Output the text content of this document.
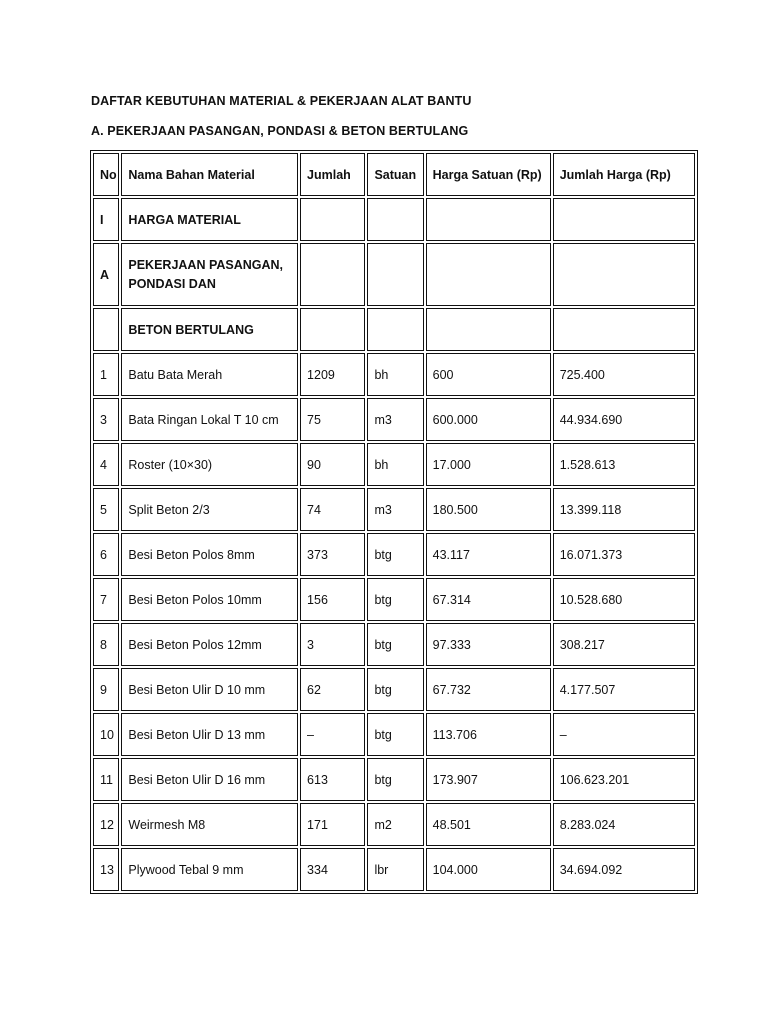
DAFTAR KEBUTUHAN MATERIAL & PEKERJAAN ALAT BANTU
A. PEKERJAAN PASANGAN, PONDASI & BETON BERTULANG
No	Nama Bahan Material	Jumlah	Satuan	Harga Satuan (Rp)	Jumlah Harga (Rp)
I	HARGA MATERIAL				
A	PEKERJAAN PASANGAN, PONDASI DAN				
	BETON BERTULANG				
1	Batu Bata Merah	1209	bh	600	725.400
3	Bata Ringan Lokal T 10 cm	75	m3	600.000	44.934.690
4	Roster (10×30)	90	bh	17.000	1.528.613
5	Split Beton 2/3	74	m3	180.500	13.399.118
6	Besi Beton Polos 8mm	373	btg	43.117	16.071.373
7	Besi Beton Polos 10mm	156	btg	67.314	10.528.680
8	Besi Beton Polos 12mm	3	btg	97.333	308.217
9	Besi Beton Ulir D 10 mm	62	btg	67.732	4.177.507
10	Besi Beton Ulir D 13 mm	–	btg	113.706	–
11	Besi Beton Ulir D 16 mm	613	btg	173.907	106.623.201
12	Weirmesh M8	171	m2	48.501	8.283.024
13	Plywood Tebal 9 mm	334	lbr	104.000	34.694.092
